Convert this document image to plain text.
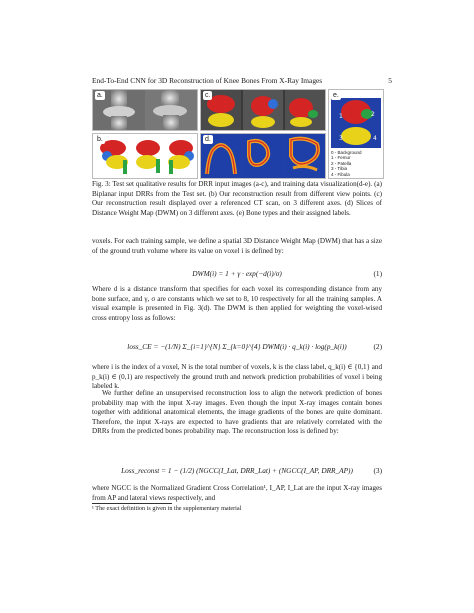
End-To-End CNN for 3D Reconstruction of Knee Bones From X-Ray Images	5
a.
b.
c.
d.
1	2
3	4
0 - Background
1 - Femur
2 - Patella
3 - Tibia
4 - Fibula
e.
Fig. 3: Test set qualitative results for DRR input images (a-c), and training data visualization(d-e). (a) Biplanar input DRRs from the Test set. (b) Our reconstruction result from different view points. (c) Our reconstruction result displayed over a referenced CT scan, on 3 different axes. (d) Slices of Distance Weight Map (DWM) on 3 different axes. (e) Bone types and their assigned labels.
voxels. For each training sample, we define a spatial 3D Distance Weight Map (DWM) that has a size of the ground truth volume where its value on voxel i is defined by:
DWM(i) = 1 + γ · exp(−d(i)/σ)	(1)
Where d is a distance transform that specifies for each voxel its corresponding distance from any bone surface, and γ, σ are constants which we set to 8, 10 respectively for all the training samples. A visual example is presented in Fig. 3(d). The DWM is then applied for weighting the voxel-wised cross entropy loss as follows:
loss_CE = −(1/N) Σ_{i=1}^{N} Σ_{k=0}^{4} DWM(i) · q_k(i) · log(p_k(i))	(2)
where i is the index of a voxel, N is the total number of voxels, k is the class label, q_k(i) ∈ {0,1} and p_k(i) ∈ (0,1) are respectively the ground truth and network prediction probabilities of voxel i being labeled k.
We further define an unsupervised reconstruction loss to align the network prediction of bones probability map with the input X-ray images. Even though the input X-ray images contain bones together with additional anatomical elements, the image gradients of the bones are quite dominant. Therefore, the input X-rays are expected to have gradients that are relatively correlated with the DRRs from the predicted bones probability map. The reconstruction loss is defined by:
Loss_reconst = 1 − (1/2) (NGCC(I_Lat, DRR_Lat) + (NGCC(I_AP, DRR_AP))	(3)
where NGCC is the Normalized Gradient Cross Correlation¹, I_AP, I_Lat are the input X-ray images from AP and lateral views respectively, and
¹ The exact definition is given in the supplementary material
